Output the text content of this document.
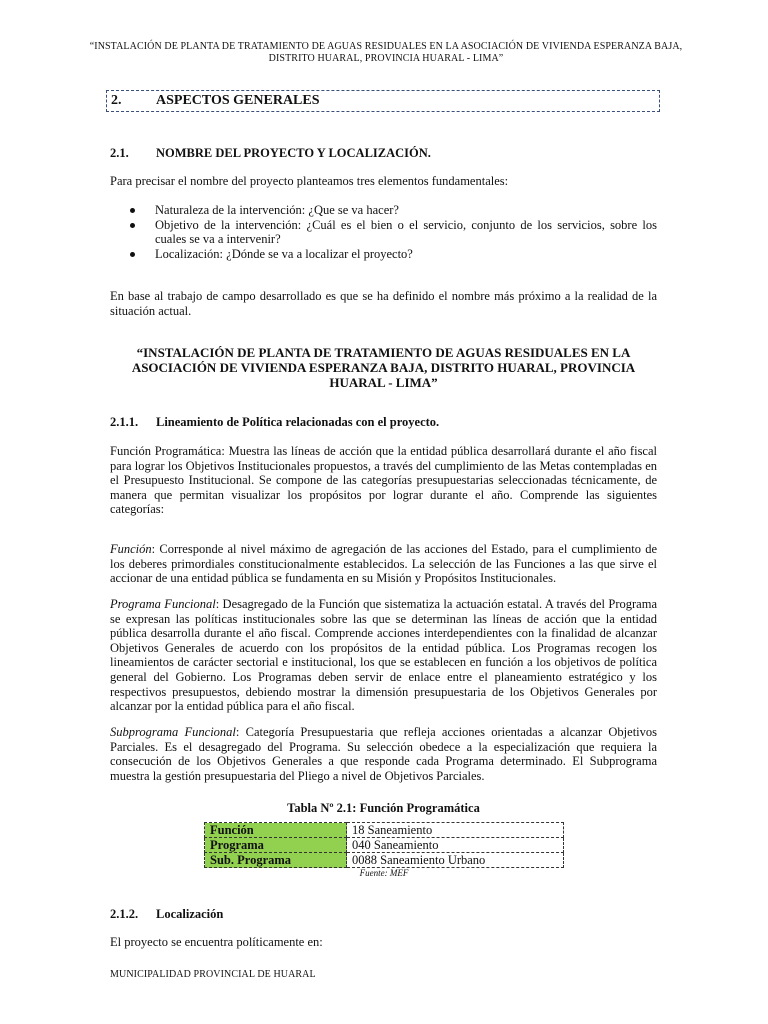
“INSTALACIÓN DE PLANTA DE TRATAMIENTO DE AGUAS RESIDUALES EN LA ASOCIACIÓN DE VIVIENDA ESPERANZA BAJA,
DISTRITO HUARAL, PROVINCIA HUARAL - LIMA”
2. ASPECTOS GENERALES
2.1. NOMBRE DEL PROYECTO Y LOCALIZACIÓN.

Para precisar el nombre del proyecto planteamos tres elementos fundamentales:

Naturaleza de la intervención: ¿Que se va hacer?
Objetivo de la intervención: ¿Cuál es el bien o el servicio, conjunto de los servicios, sobre los cuales se va a intervenir?
Localización: ¿Dónde se va a localizar el proyecto?

En base al trabajo de campo desarrollado es que se ha definido el nombre más próximo a la realidad de la situación actual.

“INSTALACIÓN DE PLANTA DE TRATAMIENTO DE AGUAS RESIDUALES EN LA ASOCIACIÓN DE VIVIENDA ESPERANZA BAJA, DISTRITO HUARAL, PROVINCIA HUARAL - LIMA”
2.1.1. Lineamiento de Política relacionadas con el proyecto.

Función Programática: Muestra las líneas de acción que la entidad pública desarrollará durante el año fiscal para lograr los Objetivos Institucionales propuestos, a través del cumplimiento de las Metas contempladas en el Presupuesto Institucional. Se compone de las categorías presupuestarias seleccionadas técnicamente, de manera que permitan visualizar los propósitos por lograr durante el año. Comprende las siguientes categorías:

Función: Corresponde al nivel máximo de agregación de las acciones del Estado, para el cumplimiento de los deberes primordiales constitucionalmente establecidos. La selección de las Funciones a las que sirve el accionar de una entidad pública se fundamenta en su Misión y Propósitos Institucionales.

Programa Funcional: Desagregado de la Función que sistematiza la actuación estatal. A través del Programa se expresan las políticas institucionales sobre las que se determinan las líneas de acción que la entidad pública desarrolla durante el año fiscal. Comprende acciones interdependientes con la finalidad de alcanzar Objetivos Generales de acuerdo con los propósitos de la entidad pública. Los Programas recogen los lineamientos de carácter sectorial e institucional, los que se establecen en función a los objetivos de política general del Gobierno. Los Programas deben servir de enlace entre el planeamiento estratégico y los respectivos presupuestos, debiendo mostrar la dimensión presupuestaria de los Objetivos Generales por alcanzar por la entidad pública para el año fiscal.

Subprograma Funcional: Categoría Presupuestaria que refleja acciones orientadas a alcanzar Objetivos Parciales. Es el desagregado del Programa. Su selección obedece a la especialización que requiera la consecución de los Objetivos Generales a que responde cada Programa determinado. El Subprograma muestra la gestión presupuestaria del Pliego a nivel de Objetivos Parciales.

Tabla Nº 2.1: Función Programática
Función	18 Saneamiento
Programa	040 Saneamiento
Sub. Programa	0088 Saneamiento Urbano
Fuente: MEF
2.1.2. Localización

El proyecto se encuentra políticamente en:

MUNICIPALIDAD PROVINCIAL DE HUARAL
